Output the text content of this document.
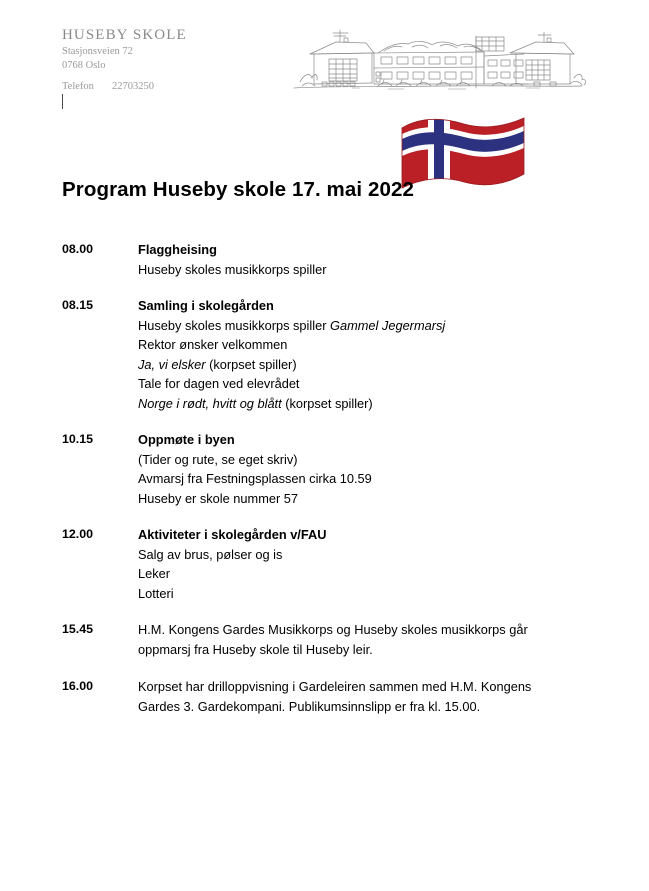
HUSEBY SKOLE
Stasjonsveien 72
0768 Oslo
Telefon 22703250
Program Huseby skole 17. mai 2022
08.00	Flaggheising
Huseby skoles musikkorps spiller
08.15	Samling i skolegården
Huseby skoles musikkorps spiller Gammel Jegermarsj
Rektor ønsker velkommen
Ja, vi elsker (korpset spiller)
Tale for dagen ved elevrådet
Norge i rødt, hvitt og blått (korpset spiller)
10.15	Oppmøte i byen
(Tider og rute, se eget skriv)
Avmarsj fra Festningsplassen cirka 10.59
Huseby er skole nummer 57
12.00	Aktiviteter i skolegården v/FAU
Salg av brus, pølser og is
Leker
Lotteri
15.45	H.M. Kongens Gardes Musikkorps og Huseby skoles musikkorps går oppmarsj fra Huseby skole til Huseby leir.
16.00	Korpset har drilloppvisning i Gardeleiren sammen med H.M. Kongens Gardes 3. Gardekompani. Publikumsinnslipp er fra kl. 15.00.
